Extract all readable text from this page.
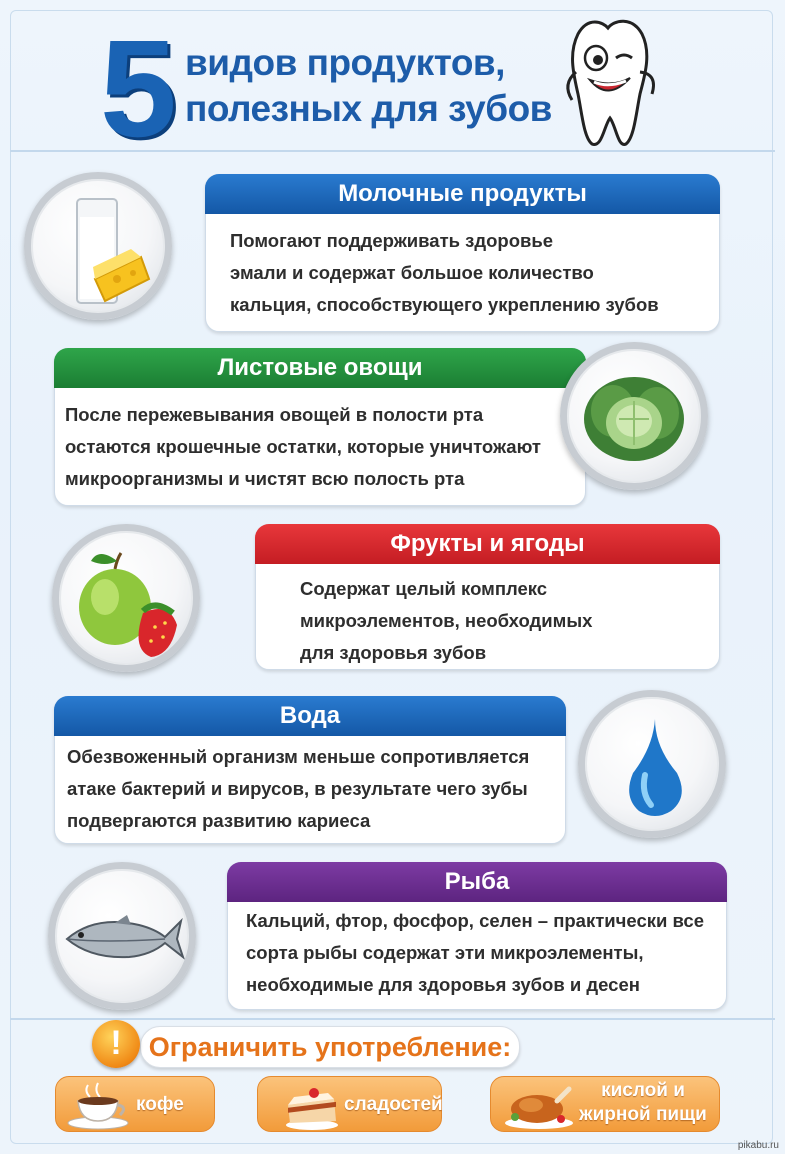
5 видов продуктов,
полезных для зубов
Молочные продукты

Помогают поддерживать здоровье
эмали и содержат большое количество
кальция, способствующего укреплению зубов

Листовые овощи

После пережевывания овощей в полости рта
остаются крошечные остатки, которые уничтожают
микроорганизмы и чистят всю полость рта

Фрукты и ягоды

Содержат целый комплекс
микроэлементов, необходимых
для здоровья зубов

Вода

Обезвоженный организм меньше сопротивляется
атаке бактерий и вирусов, в результате чего зубы
подвергаются развитию кариеса

Рыба

Кальций, фтор, фосфор, селен – практически все
сорта рыбы содержат эти микроэлементы,
необходимые для здоровья зубов и десен

Ограничить употребление:
!
кофе	сладостей
кислой и
жирной пищи
pikabu.ru
